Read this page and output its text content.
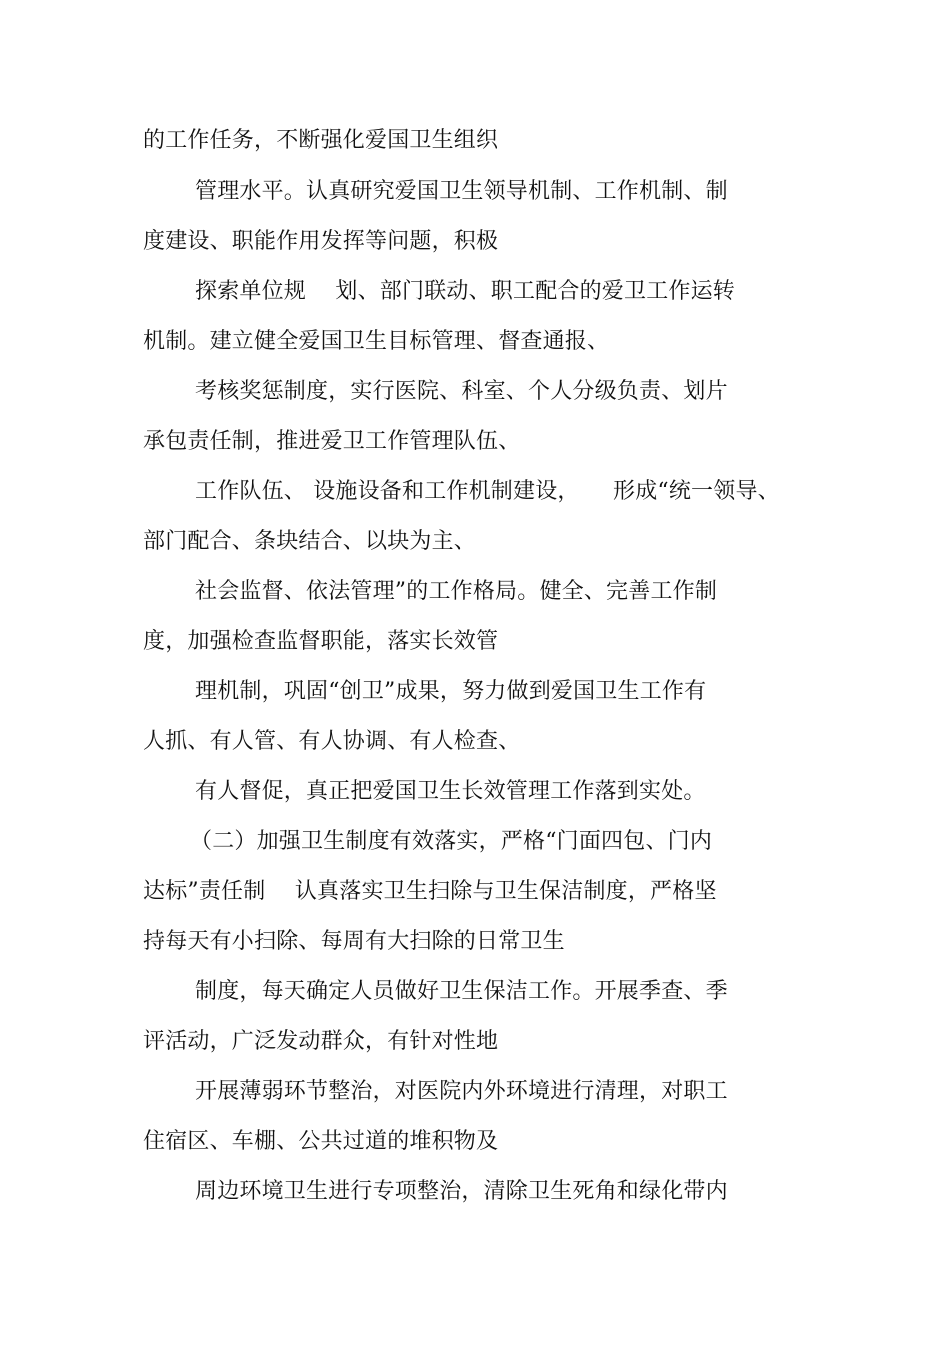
的工作任务，不断强化爱国卫生组织
管理水平。认真研究爱国卫生领导机制、工作机制、制
度建设、职能作用发挥等问题，积极
探索单位规　 划、部门联动、职工配合的爱卫工作运转
机制。建立健全爱国卫生目标管理、督查通报、
考核奖惩制度，实行医院、科室、个人分级负责、划片
承包责任制，推进爱卫工作管理队伍、
工作队伍、 设施设备和工作机制建设，　　形成“统一领导、
部门配合、条块结合、以块为主、
社会监督、依法管理”的工作格局。健全、完善工作制
度，加强检查监督职能，落实长效管
理机制，巩固“创卫”成果，努力做到爱国卫生工作有
人抓、有人管、有人协调、有人检查、
有人督促，真正把爱国卫生长效管理工作落到实处。
（二）加强卫生制度有效落实，严格“门面四包、门内
达标”责任制　 认真落实卫生扫除与卫生保洁制度，严格坚
持每天有小扫除、每周有大扫除的日常卫生
制度，每天确定人员做好卫生保洁工作。开展季查、季
评活动，广泛发动群众，有针对性地
开展薄弱环节整治，对医院内外环境进行清理，对职工
住宿区、车棚、公共过道的堆积物及
周边环境卫生进行专项整治，清除卫生死角和绿化带内
